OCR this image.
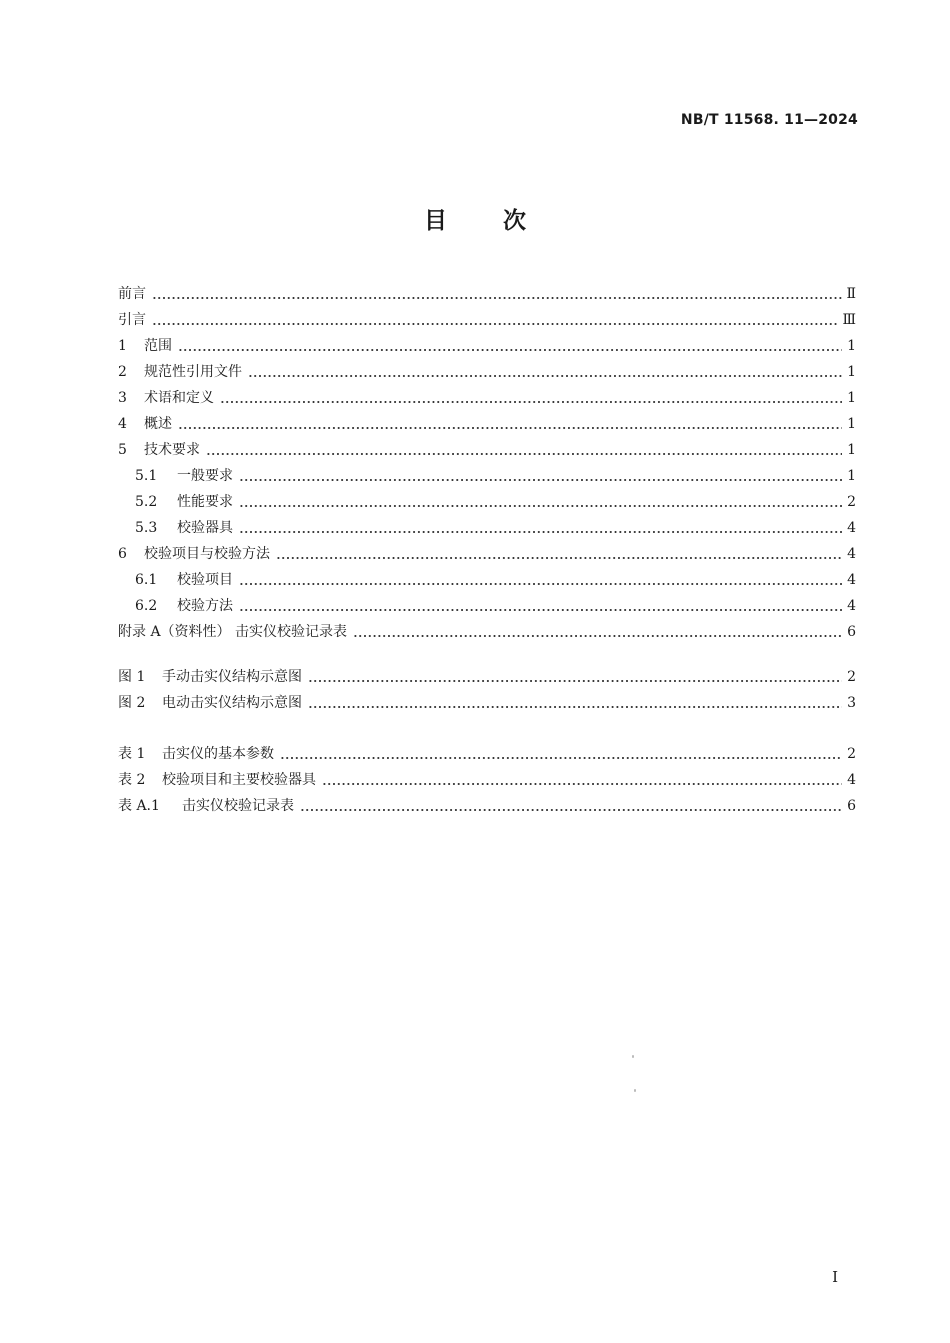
NB/T 11568. 11—2024
目 次
前言	Ⅱ
引言	Ⅲ
1	范围	1
2	规范性引用文件	1
3	术语和定义	1
4	概述	1
5	技术要求	1
5.1	一般要求	1
5.2	性能要求	2
5.3	校验器具	4
6	校验项目与校验方法	4
6.1	校验项目	4
6.2	校验方法	4
附录 A（资料性） 击实仪校验记录表	6
图 1	手动击实仪结构示意图	2
图 2	电动击实仪结构示意图	3
表 1	击实仪的基本参数	2
表 2	校验项目和主要校验器具	4
表 A.1	击实仪校验记录表	6
I
